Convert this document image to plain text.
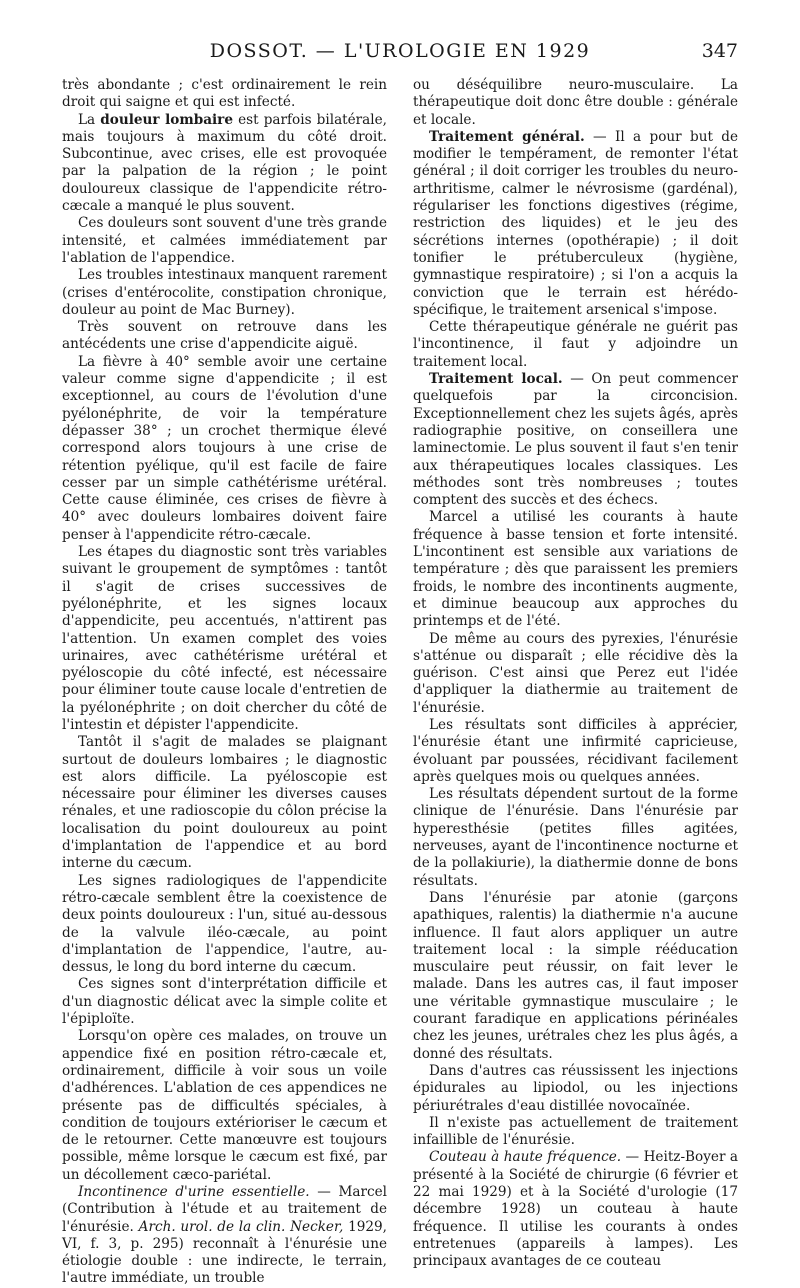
DOSSOT. — L'UROLOGIE EN 1929	347

très abondante ; c'est ordinairement le rein droit qui saigne et qui est infecté.

La douleur lombaire est parfois bilatérale, mais toujours à maximum du côté droit. Subcontinue, avec crises, elle est provoquée par la palpation de la région ; le point douloureux classique de l'appendicite rétro-cæcale a manqué le plus souvent.

Ces douleurs sont souvent d'une très grande intensité, et calmées immédiatement par l'ablation de l'appendice.

Les troubles intestinaux manquent rarement (crises d'entérocolite, constipation chronique, douleur au point de Mac Burney).

Très souvent on retrouve dans les antécédents une crise d'appendicite aiguë.

La fièvre à 40° semble avoir une certaine valeur comme signe d'appendicite ; il est exceptionnel, au cours de l'évolution d'une pyélonéphrite, de voir la température dépasser 38° ; un crochet thermique élevé correspond alors toujours à une crise de rétention pyélique, qu'il est facile de faire cesser par un simple cathétérisme urétéral. Cette cause éliminée, ces crises de fièvre à 40° avec douleurs lombaires doivent faire penser à l'appendicite rétro-cæcale.

Les étapes du diagnostic sont très variables suivant le groupement de symptômes : tantôt il s'agit de crises successives de pyélonéphrite, et les signes locaux d'appendicite, peu accentués, n'attirent pas l'attention. Un examen complet des voies urinaires, avec cathétérisme urétéral et pyéloscopie du côté infecté, est nécessaire pour éliminer toute cause locale d'entretien de la pyélonéphrite ; on doit chercher du côté de l'intestin et dépister l'appendicite.

Tantôt il s'agit de malades se plaignant surtout de douleurs lombaires ; le diagnostic est alors difficile. La pyéloscopie est nécessaire pour éliminer les diverses causes rénales, et une radioscopie du côlon précise la localisation du point douloureux au point d'implantation de l'appendice et au bord interne du cæcum.

Les signes radiologiques de l'appendicite rétro-cæcale semblent être la coexistence de deux points douloureux : l'un, situé au-dessous de la valvule iléo-cæcale, au point d'implantation de l'appendice, l'autre, au-dessus, le long du bord interne du cæcum.

Ces signes sont d'interprétation difficile et d'un diagnostic délicat avec la simple colite et l'épiploïte.

Lorsqu'on opère ces malades, on trouve un appendice fixé en position rétro-cæcale et, ordinairement, difficile à voir sous un voile d'adhérences. L'ablation de ces appendices ne présente pas de difficultés spéciales, à condition de toujours extérioriser le cæcum et de le retourner. Cette manœuvre est toujours possible, même lorsque le cæcum est fixé, par un décollement cæco-pariétal.

Incontinence d'urine essentielle. — Marcel (Contribution à l'étude et au traitement de l'énurésie. Arch. urol. de la clin. Necker, 1929, VI, f. 3, p. 295) reconnaît à l'énurésie une étiologie double : une indirecte, le terrain, l'autre immédiate, un trouble

ou déséquilibre neuro-musculaire. La thérapeutique doit donc être double : générale et locale.

Traitement général. — Il a pour but de modifier le tempérament, de remonter l'état général ; il doit corriger les troubles du neuro-arthritisme, calmer le névrosisme (gardénal), régulariser les fonctions digestives (régime, restriction des liquides) et le jeu des sécrétions internes (opothérapie) ; il doit tonifier le prétuberculeux (hygiène, gymnastique respiratoire) ; si l'on a acquis la conviction que le terrain est hérédo-spécifique, le traitement arsenical s'impose.

Cette thérapeutique générale ne guérit pas l'incontinence, il faut y adjoindre un traitement local.

Traitement local. — On peut commencer quelquefois par la circoncision. Exceptionnellement chez les sujets âgés, après radiographie positive, on conseillera une laminectomie. Le plus souvent il faut s'en tenir aux thérapeutiques locales classiques. Les méthodes sont très nombreuses ; toutes comptent des succès et des échecs.

Marcel a utilisé les courants à haute fréquence à basse tension et forte intensité. L'incontinent est sensible aux variations de température ; dès que paraissent les premiers froids, le nombre des incontinents augmente, et diminue beaucoup aux approches du printemps et de l'été.

De même au cours des pyrexies, l'énurésie s'atténue ou disparaît ; elle récidive dès la guérison. C'est ainsi que Perez eut l'idée d'appliquer la diathermie au traitement de l'énurésie.

Les résultats sont difficiles à apprécier, l'énurésie étant une infirmité capricieuse, évoluant par poussées, récidivant facilement après quelques mois ou quelques années.

Les résultats dépendent surtout de la forme clinique de l'énurésie. Dans l'énurésie par hyperesthésie (petites filles agitées, nerveuses, ayant de l'incontinence nocturne et de la pollakiurie), la diathermie donne de bons résultats.

Dans l'énurésie par atonie (garçons apathiques, ralentis) la diathermie n'a aucune influence. Il faut alors appliquer un autre traitement local : la simple rééducation musculaire peut réussir, on fait lever le malade. Dans les autres cas, il faut imposer une véritable gymnastique musculaire ; le courant faradique en applications périnéales chez les jeunes, urétrales chez les plus âgés, a donné des résultats.

Dans d'autres cas réussissent les injections épidurales au lipiodol, ou les injections périurétrales d'eau distillée novocaïnée.

Il n'existe pas actuellement de traitement infaillible de l'énurésie.

Couteau à haute fréquence. — Heitz-Boyer a présenté à la Société de chirurgie (6 février et 22 mai 1929) et à la Société d'urologie (17 décembre 1928) un couteau à haute fréquence. Il utilise les courants à ondes entretenues (appareils à lampes). Les principaux avantages de ce couteau
